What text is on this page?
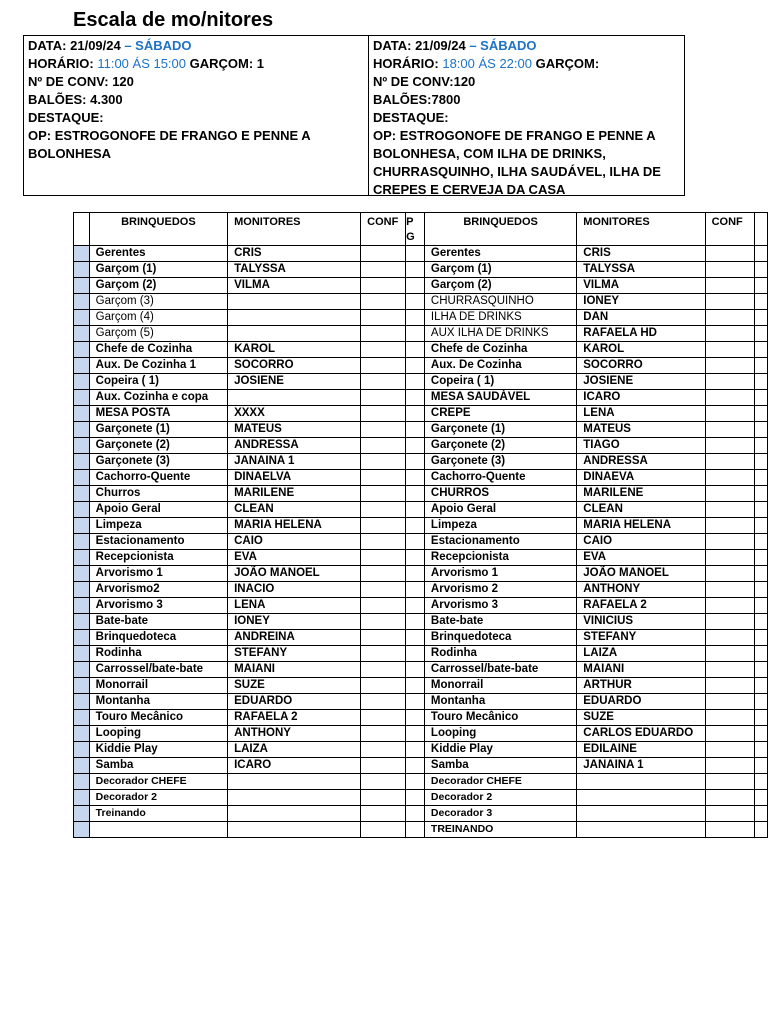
Escala de mo/nitores
DATA: 21/09/24 – SÁBADO
HORÁRIO: 11:00 ÁS 15:00 GARÇOM: 1
Nº DE CONV: 120
BALÕES: 4.300
DESTAQUE:
OP: ESTROGONOFE DE FRANGO E PENNE A BOLONHESA
DATA: 21/09/24 – SÁBADO
HORÁRIO: 18:00 ÁS 22:00 GARÇOM:
Nº DE CONV:120
BALÕES:7800
DESTAQUE:
OP: ESTROGONOFE DE FRANGO E PENNE A BOLONHESA, COM ILHA DE DRINKS, CHURRASQUINHO, ILHA SAUDÁVEL, ILHA DE CREPES E CERVEJA DA CASA
	BRINQUEDOS	MONITORES	CONF	P
G	BRINQUEDOS	MONITORES	CONF	
	Gerentes	CRIS			Gerentes	CRIS		
	Garçom (1)	TALYSSA			Garçom (1)	TALYSSA		
	Garçom (2)	VILMA			Garçom (2)	VILMA		
	Garçom (3)				CHURRASQUINHO	IONEY		
	Garçom (4)				ILHA DE DRINKS	DAN		
	Garçom (5)				AUX ILHA DE DRINKS	RAFAELA HD		
	Chefe de Cozinha	KAROL			Chefe de Cozinha	KAROL		
	Aux. De Cozinha 1	SOCORRO			Aux. De Cozinha	SOCORRO		
	Copeira ( 1)	JOSIENE			Copeira ( 1)	JOSIENE		
	Aux. Cozinha e copa				MESA SAUDÁVEL	ICARO		
	MESA POSTA	XXXX			CREPE	LENA		
	Garçonete (1)	MATEUS			Garçonete (1)	MATEUS		
	Garçonete (2)	ANDRESSA			Garçonete (2)	TIAGO		
	Garçonete (3)	JANAINA 1			Garçonete (3)	ANDRESSA		
	Cachorro-Quente	DINAELVA			Cachorro-Quente	DINAEVA		
	Churros	MARILENE			CHURROS	MARILENE		
	Apoio Geral	CLEAN			Apoio Geral	CLEAN		
	Limpeza	MARIA HELENA			Limpeza	MARIA HELENA		
	Estacionamento	CAIO			Estacionamento	CAIO		
	Recepcionista	EVA			Recepcionista	EVA		
	Arvorismo 1	JOÃO MANOEL			Arvorismo 1	JOÃO MANOEL		
	Arvorismo2	INACIO			Arvorismo 2	ANTHONY		
	Arvorismo 3	LENA			Arvorismo 3	RAFAELA 2		
	Bate-bate	IONEY			Bate-bate	VINICIUS		
	Brinquedoteca	ANDREINA			Brinquedoteca	STEFANY		
	Rodinha	STEFANY			Rodinha	LAIZA		
	Carrossel/bate-bate	MAIANI			Carrossel/bate-bate	MAIANI		
	Monorrail	SUZE			Monorrail	ARTHUR		
	Montanha	EDUARDO			Montanha	EDUARDO		
	Touro Mecânico	RAFAELA 2			Touro Mecânico	SUZE		
	Looping	ANTHONY			Looping	CARLOS EDUARDO		
	Kiddie Play	LAIZA			Kiddie Play	EDILAINE		
	Samba	ICARO			Samba	JANAINA 1		
	Decorador CHEFE				Decorador CHEFE			
	Decorador 2				Decorador 2			
	Treinando				Decorador 3			
					TREINANDO			
